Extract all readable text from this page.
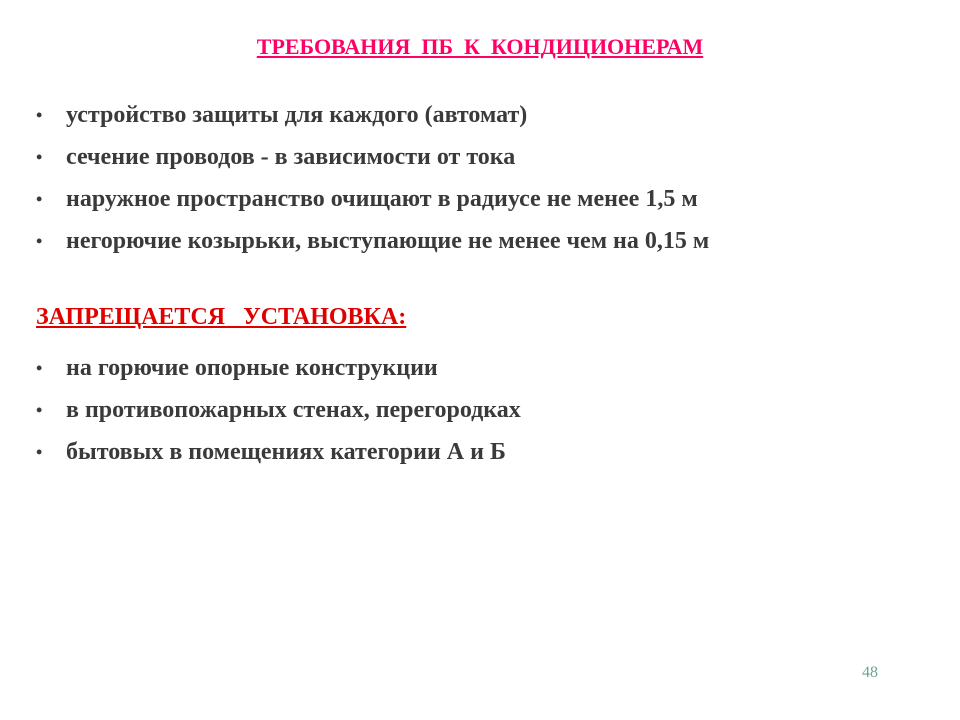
ТРЕБОВАНИЯ  ПБ  К  КОНДИЦИОНЕРАМ
• устройство защиты для каждого (автомат)
• сечение проводов - в зависимости от тока
• наружное пространство очищают в радиусе не менее 1,5 м
• негорючие козырьки, выступающие не менее чем на 0,15 м
ЗАПРЕЩАЕТСЯ   УСТАНОВКА:
• на горючие опорные конструкции
• в противопожарных стенах, перегородках
• бытовых в помещениях категории А и Б
48
